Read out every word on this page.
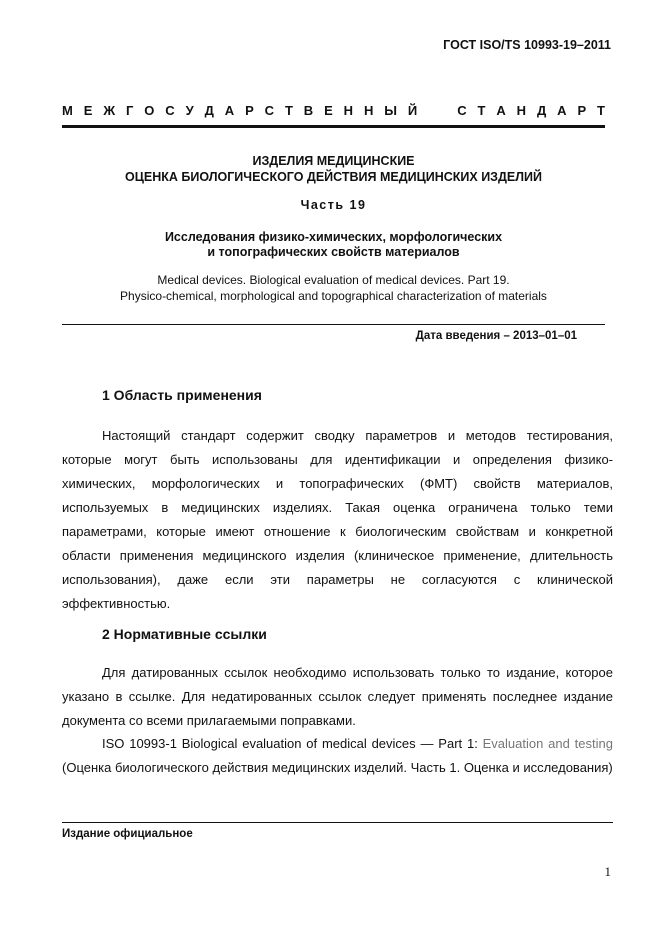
ГОСТ ISO/TS 10993-19–2011
М Е Ж Г О С У Д А Р С Т В Е Н Н Ы Й

	С Т А Н Д А Р Т
ИЗДЕЛИЯ МЕДИЦИНСКИЕ
ОЦЕНКА БИОЛОГИЧЕСКОГО ДЕЙСТВИЯ МЕДИЦИНСКИХ ИЗДЕЛИЙ
Часть 19
Исследования физико-химических, морфологических
и топографических свойств материалов
Medical devices. Biological evaluation of medical devices. Part 19.
Physico-chemical, morphological and topographical characterization of materials
Дата введения – 2013–01–01
1 Область применения
Настоящий стандарт содержит сводку параметров и методов тестирования, которые могут быть использованы для идентификации и определения физико-химических, морфологических и топографических (ФМТ) свойств материалов, используемых в медицинских изделиях. Такая оценка ограничена только теми параметрами, которые имеют отношение к биологическим свойствам и конкретной области применения медицинского изделия (клиническое применение, длительность использования), даже если эти параметры не согласуются с клинической эффективностью.
2 Нормативные ссылки
Для датированных ссылок необходимо использовать только то издание, которое указано в ссылке. Для недатированных ссылок следует применять последнее издание документа со всеми прилагаемыми поправками.
ISO 10993-1 Biological evaluation of medical devices — Part 1: Evaluation and testing (Оценка биологического действия медицинских изделий. Часть 1. Оценка и исследования)
Издание официальное
1
